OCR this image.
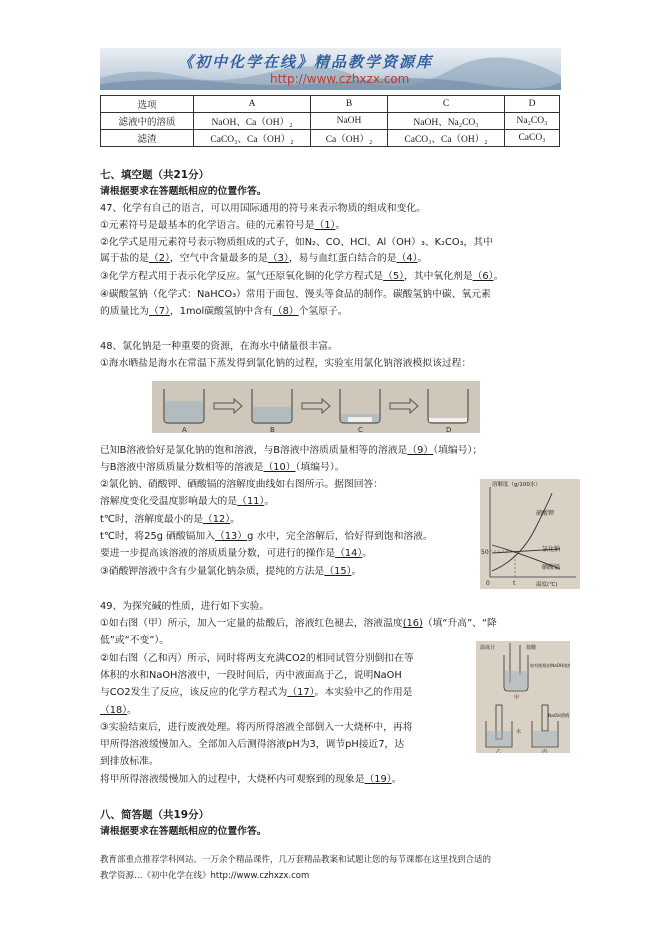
《初中化学在线》精品教学资源库
http://www.czhxzx.com
选项	A	B	C	D
滤液中的溶质	NaOH、Ca（OH）₂	NaOH	NaOH、Na₂CO₃	Na₂CO₃
滤渣	CaCO₃、Ca（OH）₂	Ca（OH）₂	CaCO₃、Ca（OH）₂	CaCO₃
七、填空题（共21分）
请根据要求在答题纸相应的位置作答。
47、化学有自己的语言，可以用国际通用的符号来表示物质的组成和变化。
①元素符号是最基本的化学语言。硅的元素符号是（1）。
②化学式是用元素符号表示物质组成的式子，如N₂、CO、HCl、Al（OH）₃、K₂CO₃，其中
属于盐的是（2），空气中含量最多的是（3），易与血红蛋白结合的是（4）。
③化学方程式用于表示化学反应。氢气还原氧化铜的化学方程式是（5），其中氧化剂是（6）。
④碳酸氢钠（化学式：NaHCO₃）常用于面包、馒头等食品的制作。碳酸氢钠中碳、氧元素
的质量比为（7），1mol碳酸氢钠中含有（8）个氢原子。
48、氯化钠是一种重要的资源，在海水中储量很丰富。
①海水晒盐是海水在常温下蒸发得到氯化钠的过程，实验室用氯化钠溶液模拟该过程：
A	B	C	D
已知B溶液恰好是氯化钠的饱和溶液，与B溶液中溶质质量相等的溶液是（9）（填编号）；
与B溶液中溶质质量分数相等的溶液是（10）（填编号）。
②氯化钠、硝酸钾、硒酸镉的溶解度曲线如右图所示。据图回答：
溶解度变化受温度影响最大的是（11）。
t℃时，溶解度最小的是（12）。
t℃时，将25g 硒酸镉加入（13）g 水中，完全溶解后，恰好得到饱和溶液。
要进一步提高该溶液的溶质质量分数，可进行的操作是（14）。
③硝酸钾溶液中含有少量氯化钠杂质，提纯的方法是（15）。
溶解度（g/100水）
温度(℃)
50
0	t
硝酸钾
氯化钠
硒酸镉
49、为探究碱的性质，进行如下实验。
①如右图（甲）所示，加入一定量的盐酸后，溶液红色褪去，溶液温度(16)（填“升高”、“降
低”或“不变”）。
②如右图（乙和丙）所示，同时将两支充满CO2的相同试管分别倒扣在等
体积的水和NaOH溶液中，一段时间后，丙中液面高于乙，说明NaOH
与CO2发生了反应，该反应的化学方程式为（17）。本实验中乙的作用是
（18）。
③实验结束后，进行废液处理。将丙所得溶液全部倒入一大烧杯中，再将
甲所得溶液缓慢加入。全部加入后测得溶液pH为3，调节pH接近7，达
到排放标准。
将甲所得溶液缓慢加入的过程中，大烧杯内可观察到的现象是（19）。
温度计	盐酸
如有酚酞的NaOH溶液
甲
水
乙	丙
NaOH溶液
八、简答题（共19分）
请根据要求在答题纸相应的位置作答。
教育部重点推荐学科网站。一万余个精品课件，几万套精品教案和试题让您的每节课都在这里找到合适的
教学资源…《初中化学在线》http://www.czhxzx.com
